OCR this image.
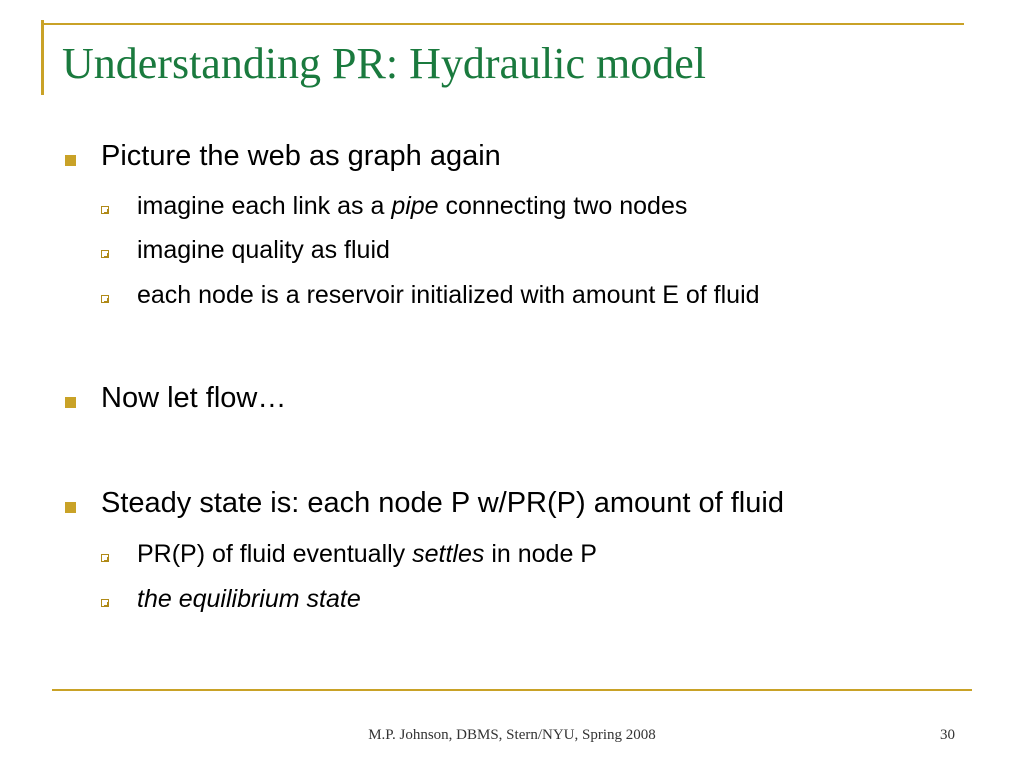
Understanding PR: Hydraulic model
Picture the web as graph again
imagine each link as a pipe connecting two nodes
imagine quality as fluid
each node is a reservoir initialized with amount E of fluid
Now let flow…
Steady state is: each node P w/PR(P) amount of fluid
PR(P) of fluid eventually settles in node P
the equilibrium state
M.P. Johnson, DBMS, Stern/NYU, Spring 2008	30
